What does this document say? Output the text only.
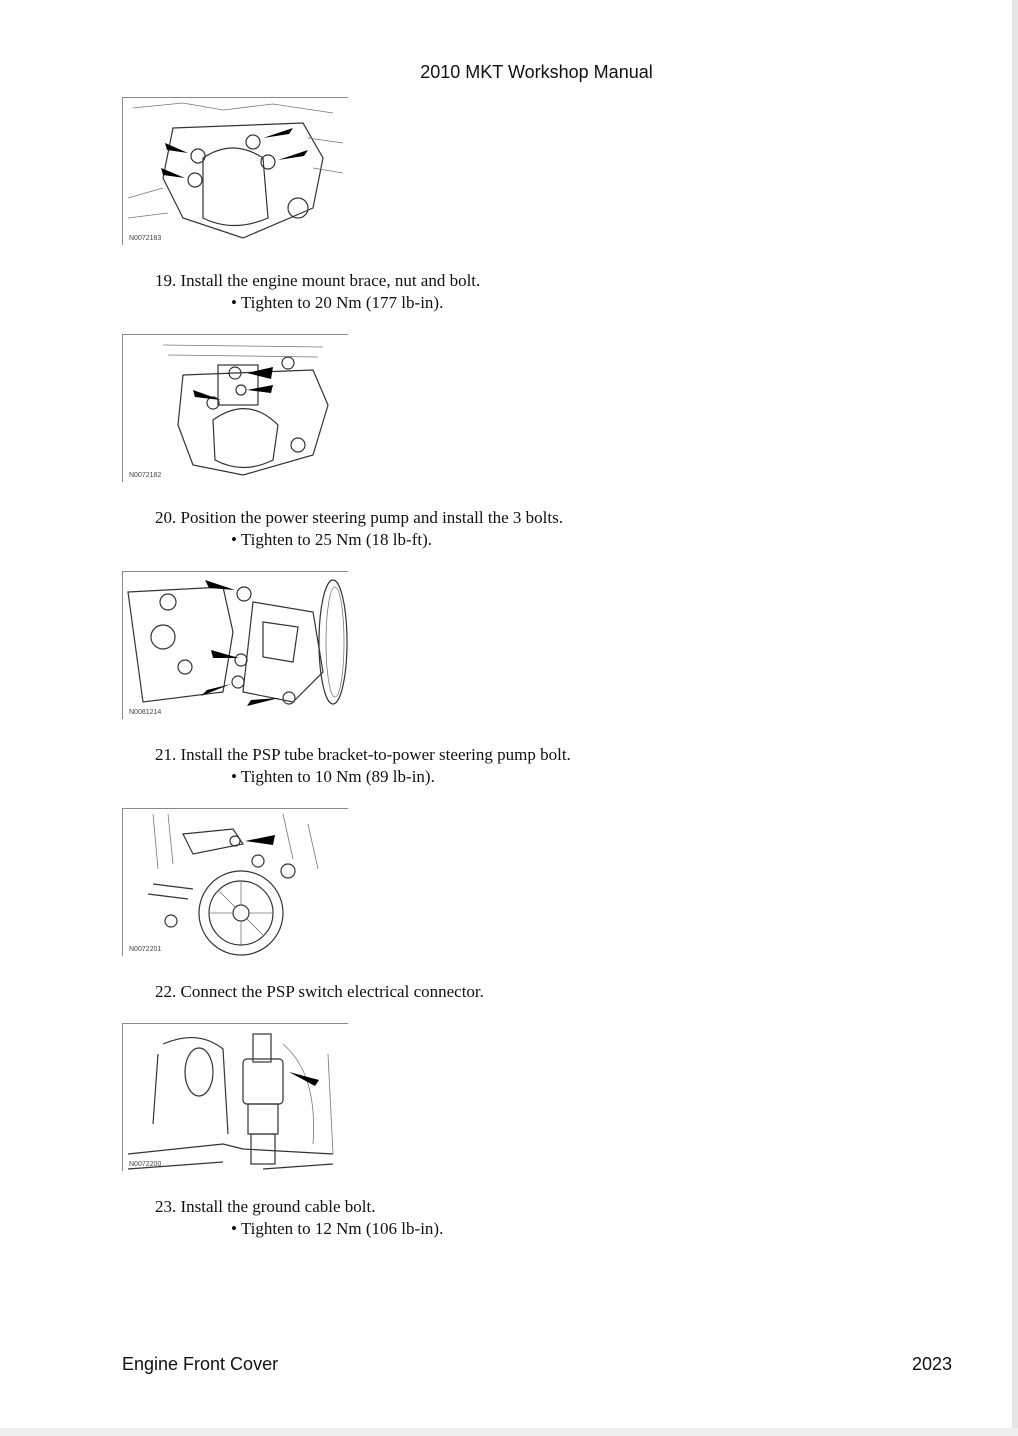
2010 MKT Workshop Manual
N0072183
19. Install the engine mount brace, nut and bolt.
• Tighten to 20 Nm (177 lb-in).
N0072182
20. Position the power steering pump and install the 3 bolts.
• Tighten to 25 Nm (18 lb-ft).
N0081214
21. Install the PSP tube bracket-to-power steering pump bolt.
• Tighten to 10 Nm (89 lb-in).
N0072201
22. Connect the PSP switch electrical connector.
N0072200
23. Install the ground cable bolt.
• Tighten to 12 Nm (106 lb-in).
Engine Front Cover	2023
